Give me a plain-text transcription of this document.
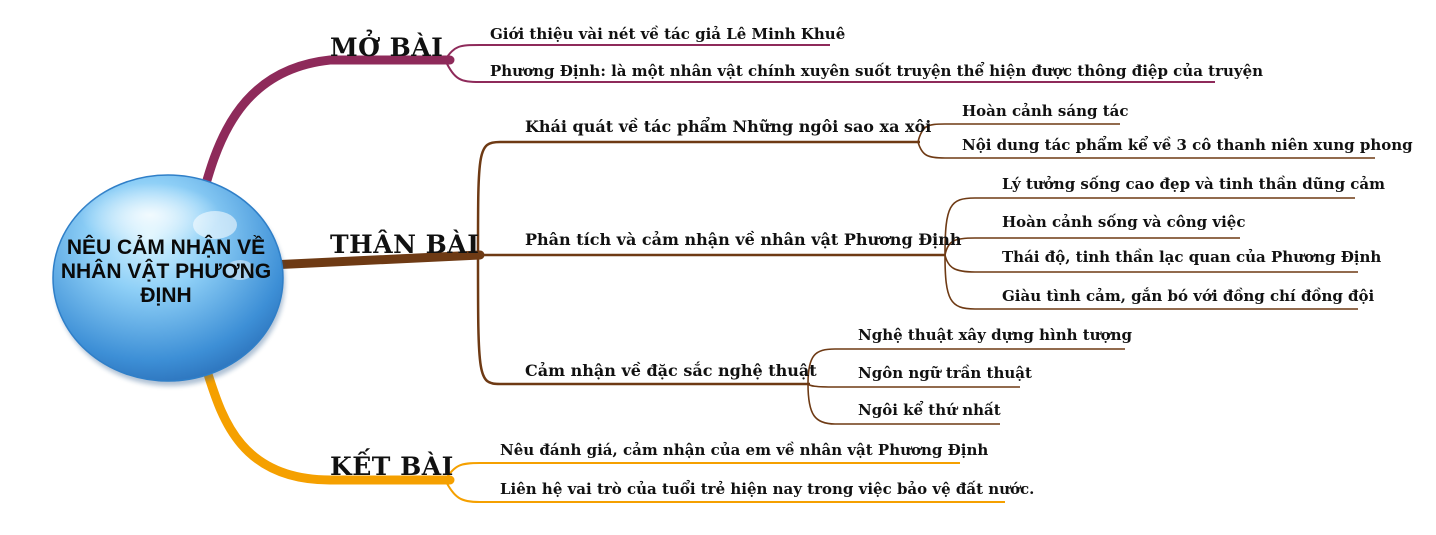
NÊU CẢM NHẬN VỀ
NHÂN VẬT PHƯƠNG
ĐỊNH
MỞ BÀI	Giới thiệu vài nét về tác giả Lê Minh Khuê
Phương Định: là một nhân vật chính xuyên suốt truyện thể hiện được thông điệp của truyện
THÂN BÀI
Khái quát về tác phẩm Những ngôi sao xa xôi
Hoàn cảnh sáng tác
Nội dung tác phẩm kể về 3 cô thanh niên xung phong
Phân tích và cảm nhận về nhân vật Phương Định
Lý tưởng sống cao đẹp và tinh thần dũng cảm
Hoàn cảnh sống và công việc
Thái độ, tinh thần lạc quan của Phương Định
Giàu tình cảm, gắn bó với đồng chí đồng đội
Cảm nhận về đặc sắc nghệ thuật
Nghệ thuật xây dựng hình tượng
Ngôn ngữ trần thuật
Ngôi kể thứ nhất
KẾT BÀI
Nêu đánh giá, cảm nhận của em về nhân vật Phương Định
Liên hệ vai trò của tuổi trẻ hiện nay trong việc bảo vệ đất nước.
